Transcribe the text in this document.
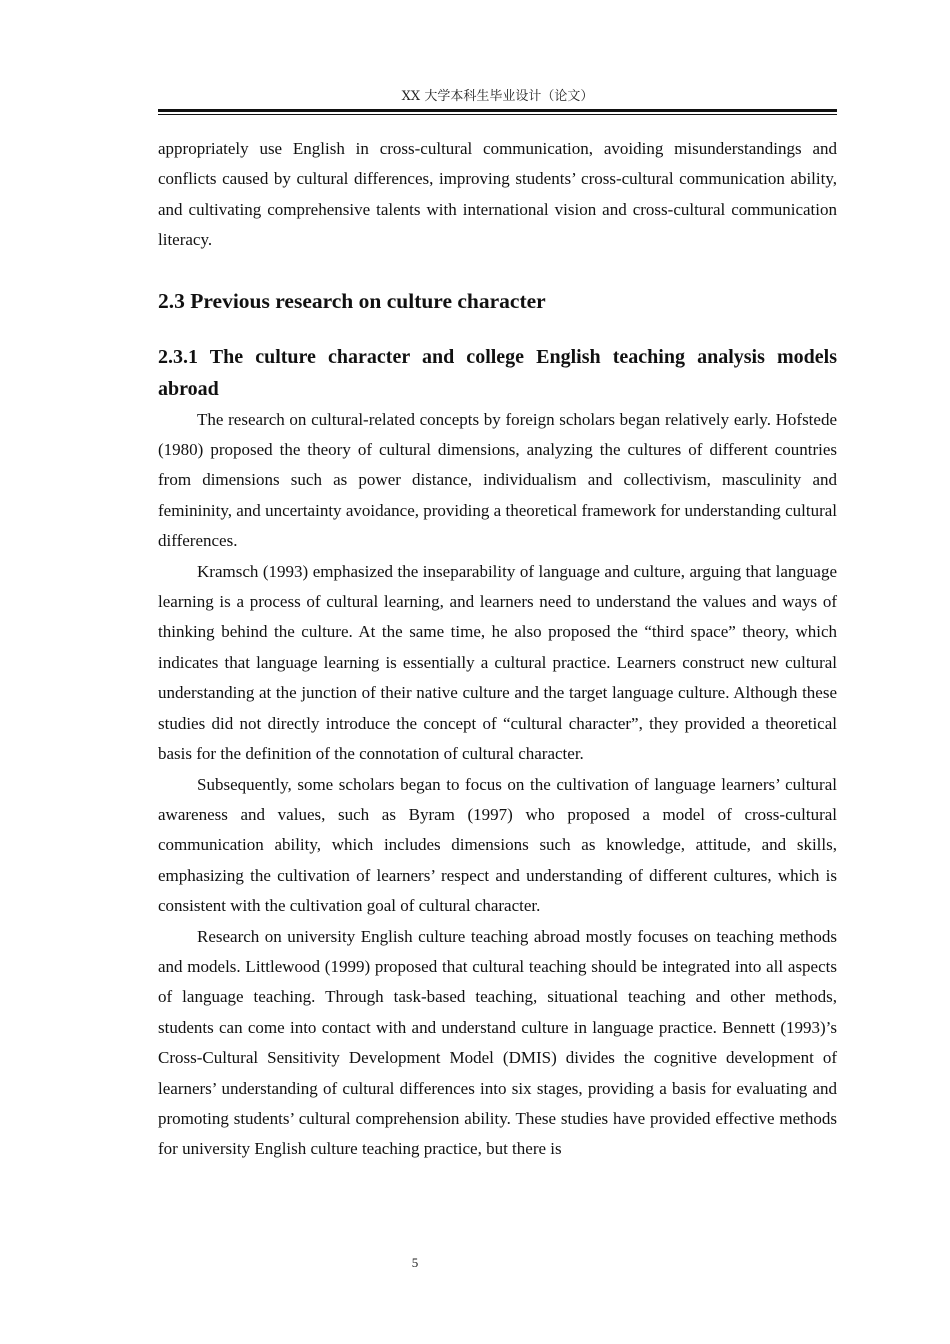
XX 大学本科生毕业设计（论文）

appropriately use English in cross-cultural communication, avoiding misunderstandings and conflicts caused by cultural differences, improving students’ cross-cultural communication ability, and cultivating comprehensive talents with international vision and cross-cultural communication literacy.

2.3 Previous research on culture character
2.3.1 The culture character and college English teaching analysis models abroad

The research on cultural-related concepts by foreign scholars began relatively early. Hofstede (1980) proposed the theory of cultural dimensions, analyzing the cultures of different countries from dimensions such as power distance, individualism and collectivism, masculinity and femininity, and uncertainty avoidance, providing a theoretical framework for understanding cultural differences.

Kramsch (1993) emphasized the inseparability of language and culture, arguing that language learning is a process of cultural learning, and learners need to understand the values and ways of thinking behind the culture. At the same time, he also proposed the “third space” theory, which indicates that language learning is essentially a cultural practice. Learners construct new cultural understanding at the junction of their native culture and the target language culture. Although these studies did not directly introduce the concept of “cultural character”, they provided a theoretical basis for the definition of the connotation of cultural character.

Subsequently, some scholars began to focus on the cultivation of language learners’ cultural awareness and values, such as Byram (1997) who proposed a model of cross-cultural communication ability, which includes dimensions such as knowledge, attitude, and skills, emphasizing the cultivation of learners’ respect and understanding of different cultures, which is consistent with the cultivation goal of cultural character.

Research on university English culture teaching abroad mostly focuses on teaching methods and models. Littlewood (1999) proposed that cultural teaching should be integrated into all aspects of language teaching. Through task-based teaching, situational teaching and other methods, students can come into contact with and understand culture in language practice. Bennett (1993)’s Cross-Cultural Sensitivity Development Model (DMIS) divides the cognitive development of learners’ understanding of cultural differences into six stages, providing a basis for evaluating and promoting students’ cultural comprehension ability. These studies have provided effective methods for university English culture teaching practice, but there is

5
